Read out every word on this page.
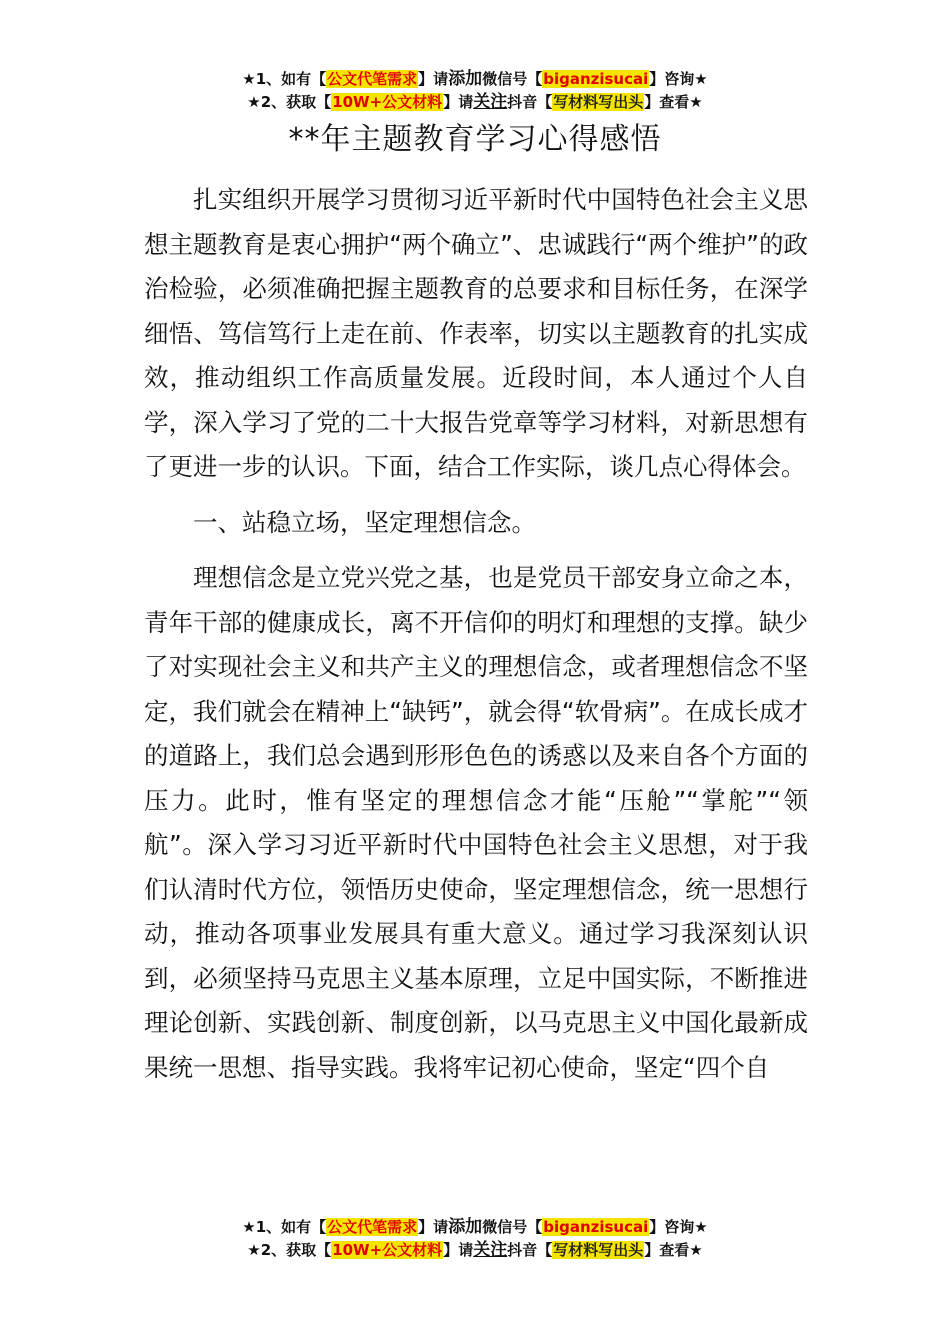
★1、如有【公文代笔需求】请添加微信号【biganzisucai】咨询★
★2、获取【10W+公文材料】请关注抖音【写材料写出头】查看★
**年主题教育学习心得感悟

扎实组织开展学习贯彻习近平新时代中国特色社会主义思想主题教育是衷心拥护“两个确立”、忠诚践行“两个维护”的政治检验，必须准确把握主题教育的总要求和目标任务，在深学细悟、笃信笃行上走在前、作表率，切实以主题教育的扎实成效，推动组织工作高质量发展。近段时间，本人通过个人自学，深入学习了党的二十大报告党章等学习材料，对新思想有了更进一步的认识。下面，结合工作实际，谈几点心得体会。

一、站稳立场，坚定理想信念。

理想信念是立党兴党之基，也是党员干部安身立命之本，青年干部的健康成长，离不开信仰的明灯和理想的支撑。缺少了对实现社会主义和共产主义的理想信念，或者理想信念不坚定，我们就会在精神上“缺钙”，就会得“软骨病”。在成长成才的道路上，我们总会遇到形形色色的诱惑以及来自各个方面的压力。此时，惟有坚定的理想信念才能“压舱”“掌舵”“领航”。深入学习习近平新时代中国特色社会主义思想，对于我们认清时代方位，领悟历史使命，坚定理想信念，统一思想行动，推动各项事业发展具有重大意义。通过学习我深刻认识到，必须坚持马克思主义基本原理，立足中国实际，不断推进理论创新、实践创新、制度创新，以马克思主义中国化最新成果统一思想、指导实践。我将牢记初心使命，坚定“四个自

★1、如有【公文代笔需求】请添加微信号【biganzisucai】咨询★
★2、获取【10W+公文材料】请关注抖音【写材料写出头】查看★
